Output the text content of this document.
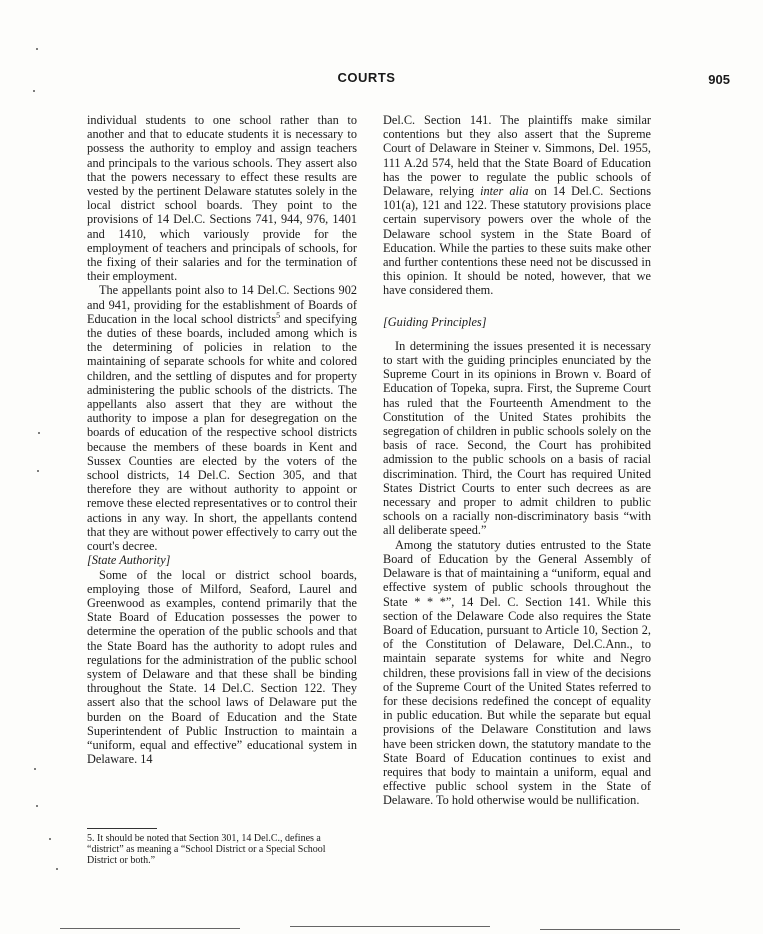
COURTS	905

individual students to one school rather than to another and that to educate students it is necessary to possess the authority to employ and assign teachers and principals to the various schools. They assert also that the powers necessary to effect these results are vested by the pertinent Delaware statutes solely in the local district school boards. They point to the provisions of 14 Del.C. Sections 741, 944, 976, 1401 and 1410, which variously provide for the employment of teachers and principals of schools, for the fixing of their salaries and for the termination of their employment.

The appellants point also to 14 Del.C. Sections 902 and 941, providing for the establishment of Boards of Education in the local school districts$^5$ and specifying the duties of these boards, included among which is the determining of policies in relation to the maintaining of separate schools for white and colored children, and the settling of disputes and for property administering the public schools of the districts. The appellants also assert that they are without the authority to impose a plan for desegregation on the boards of education of the respective school districts because the members of these boards in Kent and Sussex Counties are elected by the voters of the school districts, 14 Del.C. Section 305, and that therefore they are without authority to appoint or remove these elected representatives or to control their actions in any way. In short, the appellants contend that they are without power effectively to carry out the court's decree.

[State Authority]

Some of the local or district school boards, employing those of Milford, Seaford, Laurel and Greenwood as examples, contend primarily that the State Board of Education possesses the power to determine the operation of the public schools and that the State Board has the authority to adopt rules and regulations for the administration of the public school system of Delaware and that these shall be binding throughout the State. 14 Del.C. Section 122. They assert also that the school laws of Delaware put the burden on the Board of Education and the State Superintendent of Public Instruction to maintain a “uniform, equal and effective” educational system in Delaware. 14

Del.C. Section 141. The plaintiffs make similar contentions but they also assert that the Supreme Court of Delaware in Steiner v. Simmons, Del. 1955, 111 A.2d 574, held that the State Board of Education has the power to regulate the public schools of Delaware, relying inter alia on 14 Del.C. Sections 101(a), 121 and 122. These statutory provisions place certain supervisory powers over the whole of the Delaware school system in the State Board of Education. While the parties to these suits make other and further contentions these need not be discussed in this opinion. It should be noted, however, that we have considered them.

[Guiding Principles]

In determining the issues presented it is necessary to start with the guiding principles enunciated by the Supreme Court in its opinions in Brown v. Board of Education of Topeka, supra. First, the Supreme Court has ruled that the Fourteenth Amendment to the Constitution of the United States prohibits the segregation of children in public schools solely on the basis of race. Second, the Court has prohibited admission to the public schools on a basis of racial discrimination. Third, the Court has required United States District Courts to enter such decrees as are necessary and proper to admit children to public schools on a racially non-discriminatory basis “with all deliberate speed.”

Among the statutory duties entrusted to the State Board of Education by the General Assembly of Delaware is that of maintaining a “uniform, equal and effective system of public schools throughout the State * * *”, 14 Del. C. Section 141. While this section of the Delaware Code also requires the State Board of Education, pursuant to Article 10, Section 2, of the Constitution of Delaware, Del.C.Ann., to maintain separate systems for white and Negro children, these provisions fall in view of the decisions of the Supreme Court of the United States referred to for these decisions redefined the concept of equality in public education. But while the separate but equal provisions of the Delaware Constitution and laws have been stricken down, the statutory mandate to the State Board of Education continues to exist and requires that body to maintain a uniform, equal and effective public school system in the State of Delaware. To hold otherwise would be nullification.

5. It should be noted that Section 301, 14 Del.C., defines a “district” as meaning a “School District or a Special School District or both.”
